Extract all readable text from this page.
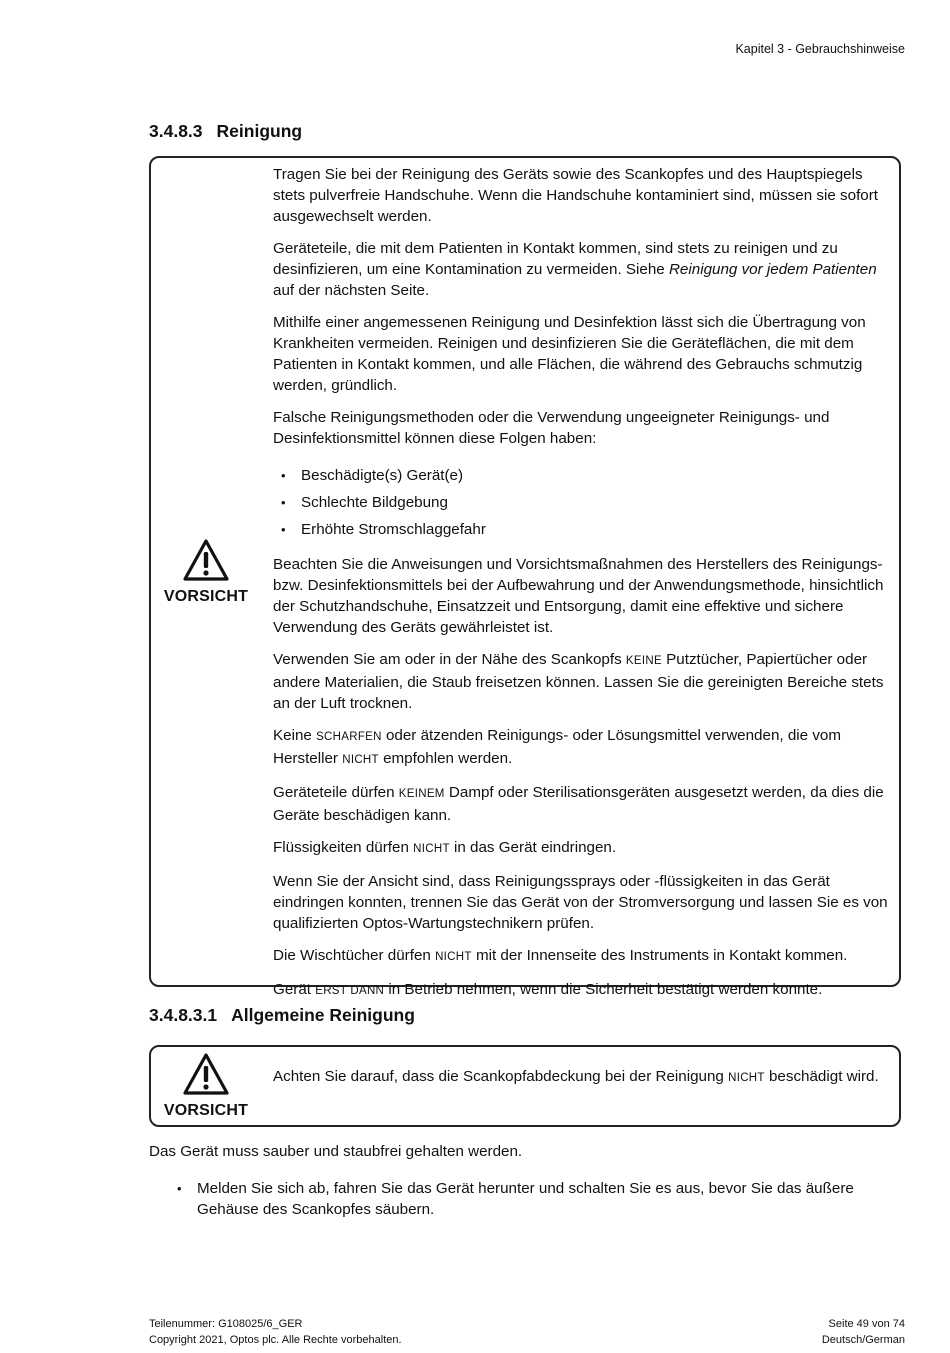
Kapitel 3 - Gebrauchshinweise
3.4.8.3 Reinigung
VORSICHT

Tragen Sie bei der Reinigung des Geräts sowie des Scankopfes und des Hauptspiegels stets pulverfreie Handschuhe. Wenn die Handschuhe kontaminiert sind, müssen sie sofort ausgewechselt werden.

Geräteteile, die mit dem Patienten in Kontakt kommen, sind stets zu reinigen und zu desinfizieren, um eine Kontamination zu vermeiden. Siehe Reinigung vor jedem Patienten auf der nächsten Seite.

Mithilfe einer angemessenen Reinigung und Desinfektion lässt sich die Übertragung von Krankheiten vermeiden. Reinigen und desinfizieren Sie die Geräteflächen, die mit dem Patienten in Kontakt kommen, und alle Flächen, die während des Gebrauchs schmutzig werden, gründlich.

Falsche Reinigungsmethoden oder die Verwendung ungeeigneter Reinigungs- und Desinfektionsmittel können diese Folgen haben:

• Beschädigte(s) Gerät(e)
• Schlechte Bildgebung
• Erhöhte Stromschlaggefahr

Beachten Sie die Anweisungen und Vorsichtsmaßnahmen des Herstellers des Reinigungs- bzw. Desinfektionsmittels bei der Aufbewahrung und der Anwendungsmethode, hinsichtlich der Schutzhandschuhe, Einsatzzeit und Entsorgung, damit eine effektive und sichere Verwendung des Geräts gewährleistet ist.

Verwenden Sie am oder in der Nähe des Scankopfs KEINE Putztücher, Papiertücher oder andere Materialien, die Staub freisetzen können. Lassen Sie die gereinigten Bereiche stets an der Luft trocknen.

Keine SCHARFEN oder ätzenden Reinigungs- oder Lösungsmittel verwenden, die vom Hersteller NICHT empfohlen werden.

Geräteteile dürfen KEINEM Dampf oder Sterilisationsgeräten ausgesetzt werden, da dies die Geräte beschädigen kann.

Flüssigkeiten dürfen NICHT in das Gerät eindringen.

Wenn Sie der Ansicht sind, dass Reinigungssprays oder -flüssigkeiten in das Gerät eindringen konnten, trennen Sie das Gerät von der Stromversorgung und lassen Sie es von qualifizierten Optos-Wartungstechnikern prüfen.

Die Wischtücher dürfen NICHT mit der Innenseite des Instruments in Kontakt kommen.

Gerät ERST DANN in Betrieb nehmen, wenn die Sicherheit bestätigt werden konnte.

3.4.8.3.1 Allgemeine Reinigung
VORSICHT

Achten Sie darauf, dass die Scankopfabdeckung bei der Reinigung NICHT beschädigt wird.

Das Gerät muss sauber und staubfrei gehalten werden.
• Melden Sie sich ab, fahren Sie das Gerät herunter und schalten Sie es aus, bevor Sie das äußere Gehäuse des Scankopfes säubern.
Teilenummer: G108025/6_GER
Copyright 2021, Optos plc. Alle Rechte vorbehalten.
Seite 49 von 74
Deutsch/German
